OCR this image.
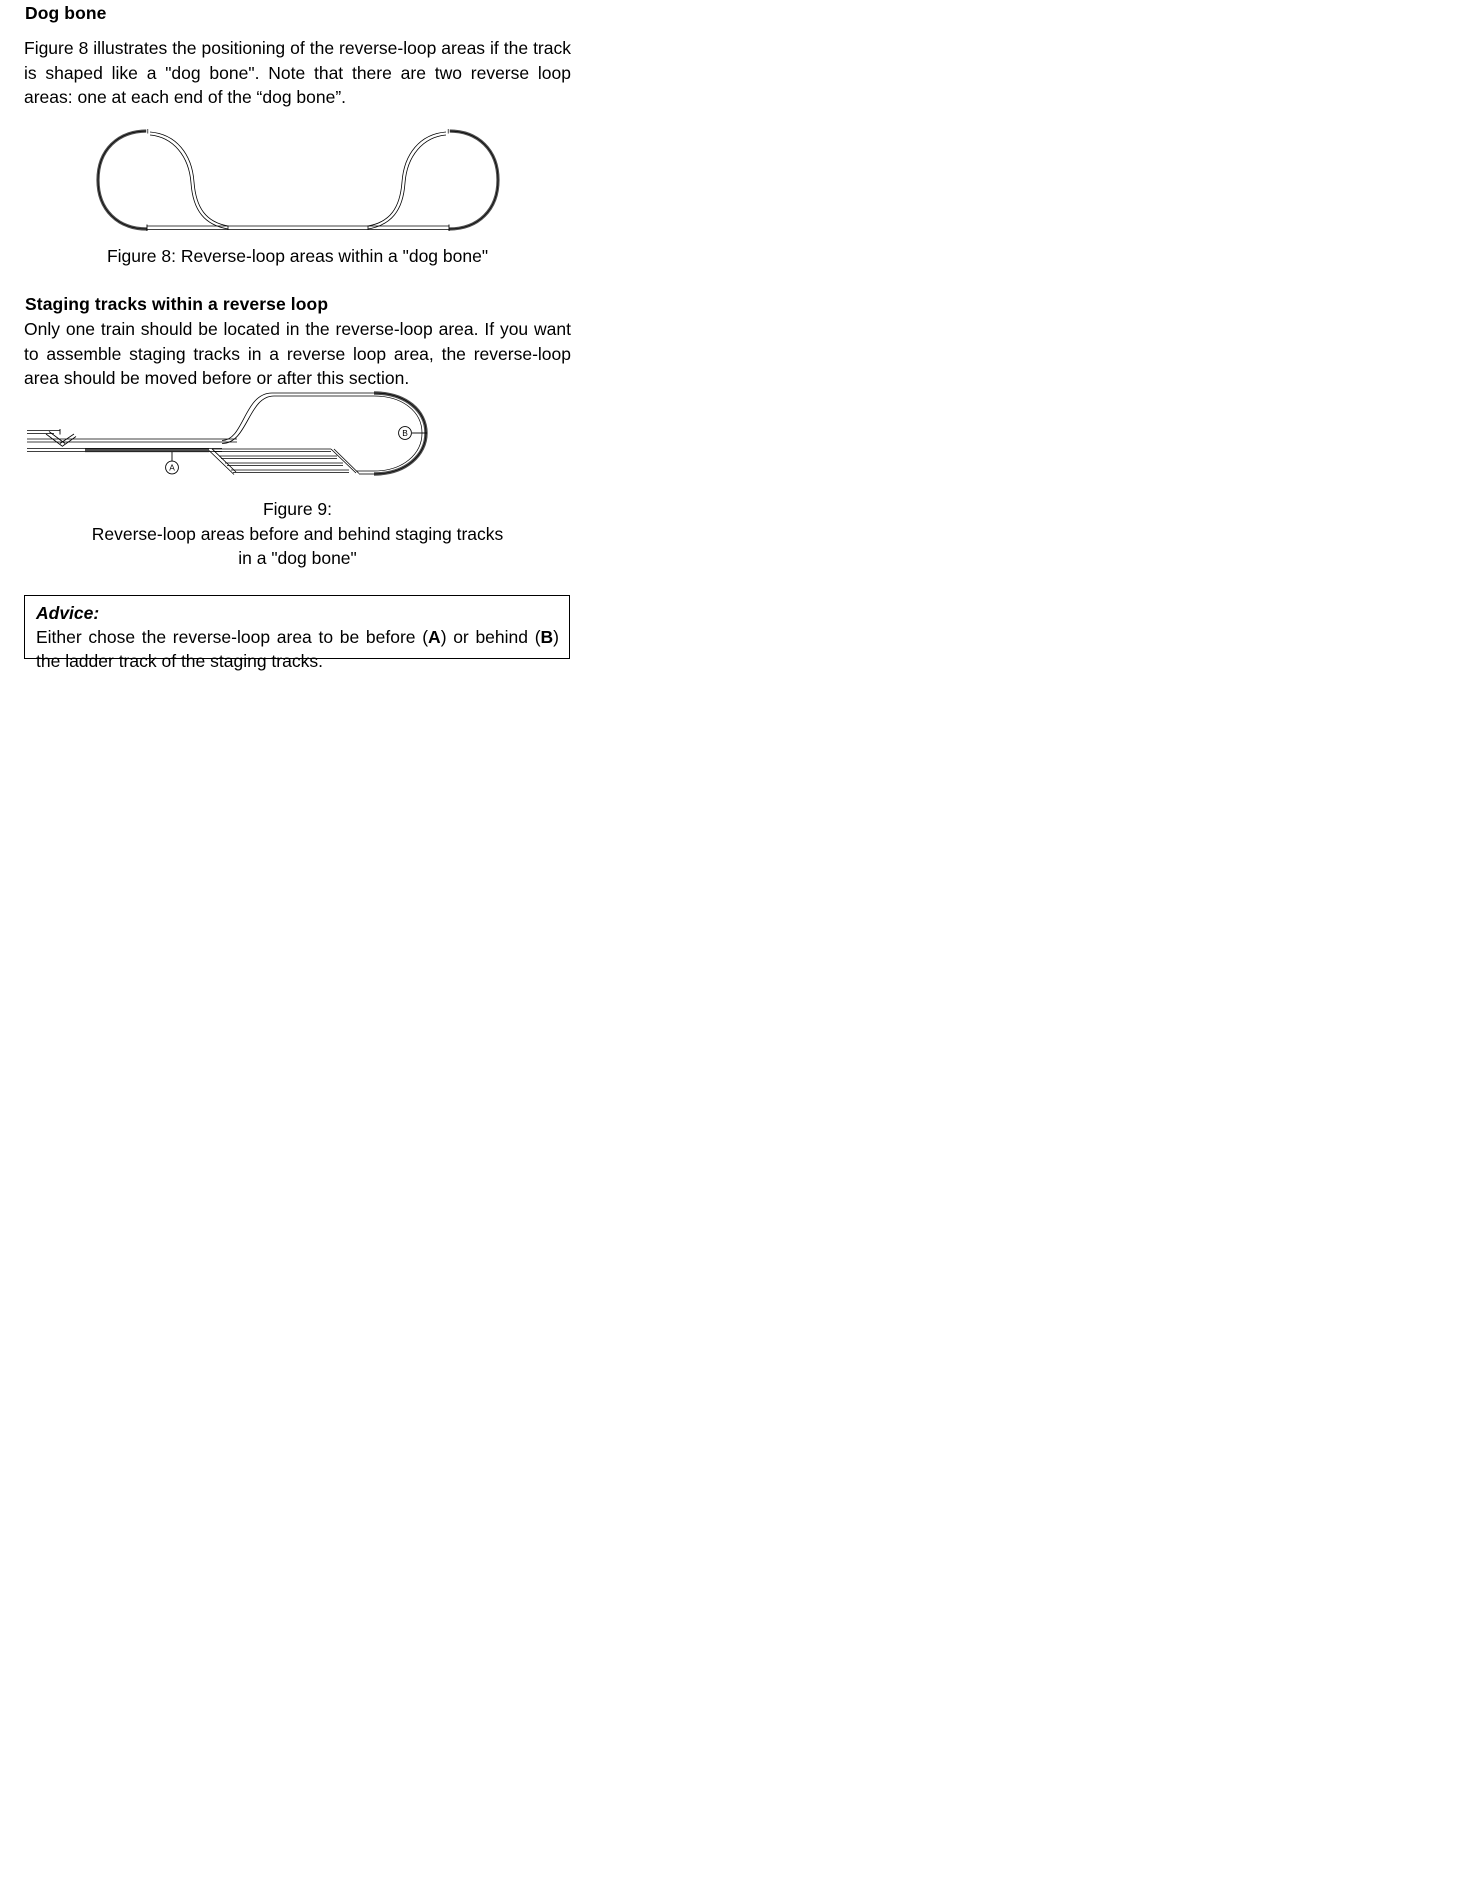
Dog bone
Figure 8 illustrates the positioning of the reverse-loop areas if the track is shaped like a "dog bone". Note that there are two reverse loop areas: one at each end of the “dog bone”.
Figure 8: Reverse-loop areas within a "dog bone"
Staging tracks within a reverse loop
Only one train should be located in the reverse-loop area. If you want to assemble staging tracks in a reverse loop area, the reverse-loop area should be moved before or after this section.
A
B
Figure 9:
Reverse-loop areas before and behind staging tracks
in a "dog bone"
Advice:
Either chose the reverse-loop area to be before (A) or behind (B) the ladder track of the staging tracks.
